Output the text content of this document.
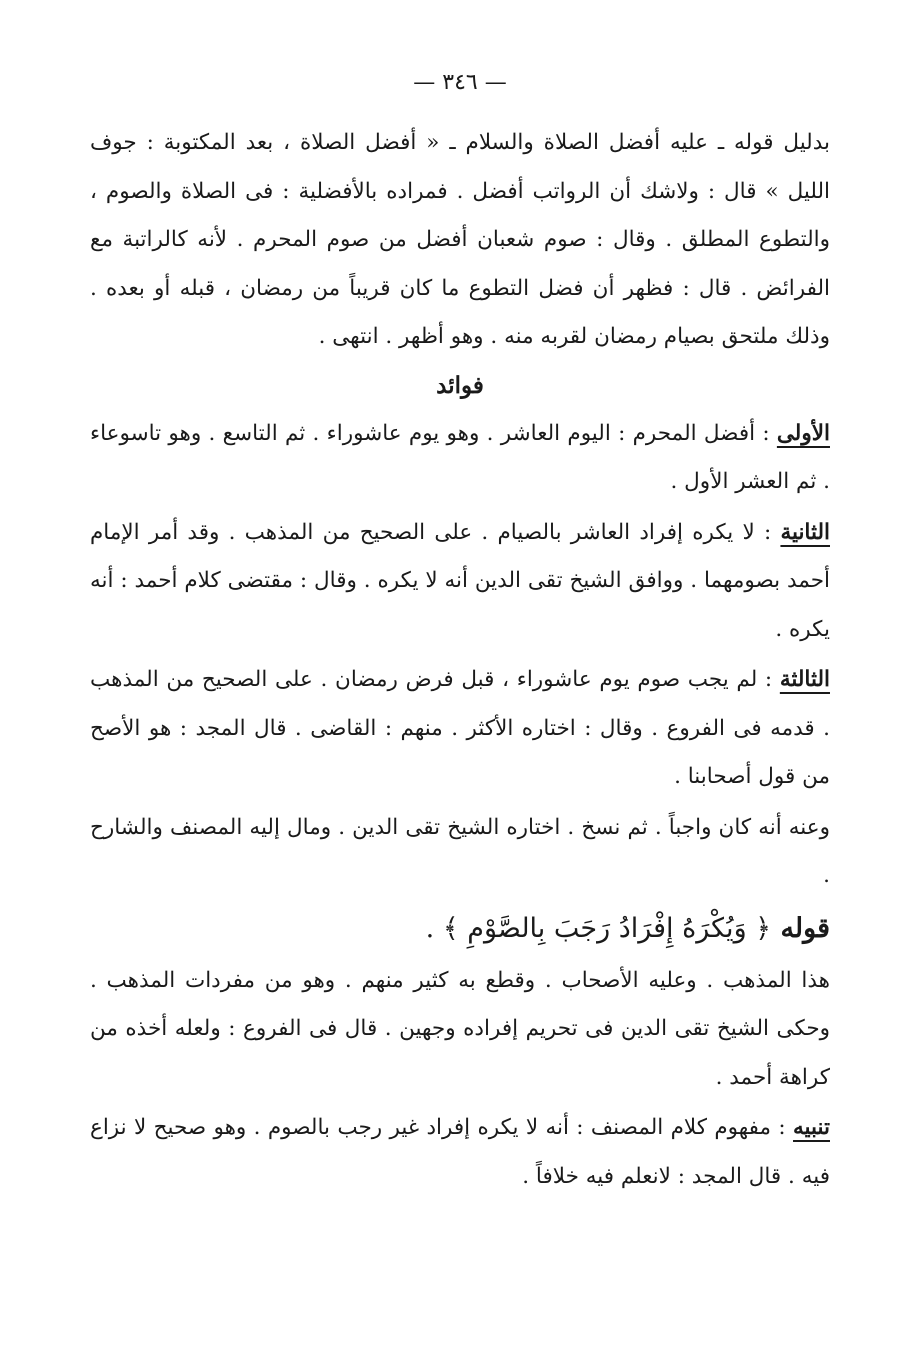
— ٣٤٦ —

بدليل قوله ـ عليه أفضل الصلاة والسلام ـ « أفضل الصلاة ، بعد المكتوبة : جوف الليل » قال : ولاشك أن الرواتب أفضل . فمراده بالأفضلية : فى الصلاة والصوم ، والتطوع المطلق . وقال : صوم شعبان أفضل من صوم المحرم . لأنه كالراتبة مع الفرائض . قال : فظهر أن فضل التطوع ما كان قريباً من رمضان ، قبله أو بعده . وذلك ملتحق بصيام رمضان لقربه منه . وهو أظهر . انتهى .

فوائد

الأولى : أفضل المحرم : اليوم العاشر . وهو يوم عاشوراء . ثم التاسع . وهو تاسوعاء . ثم العشر الأول .

الثانية : لا يكره إفراد العاشر بالصيام . على الصحيح من المذهب . وقد أمر الإمام أحمد بصومهما . ووافق الشيخ تقى الدين أنه لا يكره . وقال : مقتضى كلام أحمد : أنه يكره .

الثالثة : لم يجب صوم يوم عاشوراء ، قبل فرض رمضان . على الصحيح من المذهب . قدمه فى الفروع . وقال : اختاره الأكثر . منهم : القاضى . قال المجد : هو الأصح من قول أصحابنا .

وعنه أنه كان واجباً . ثم نسخ . اختاره الشيخ تقى الدين . ومال إليه المصنف والشارح .

قوله ﴿ وَيُكْرَهُ إِفْرَادُ رَجَبَ بِالصَّوْمِ ﴾ .

هذا المذهب . وعليه الأصحاب . وقطع به كثير منهم . وهو من مفردات المذهب . وحكى الشيخ تقى الدين فى تحريم إفراده وجهين . قال فى الفروع : ولعله أخذه من كراهة أحمد .

تنبيه : مفهوم كلام المصنف : أنه لا يكره إفراد غير رجب بالصوم . وهو صحيح لا نزاع فيه . قال المجد : لانعلم فيه خلافاً .
